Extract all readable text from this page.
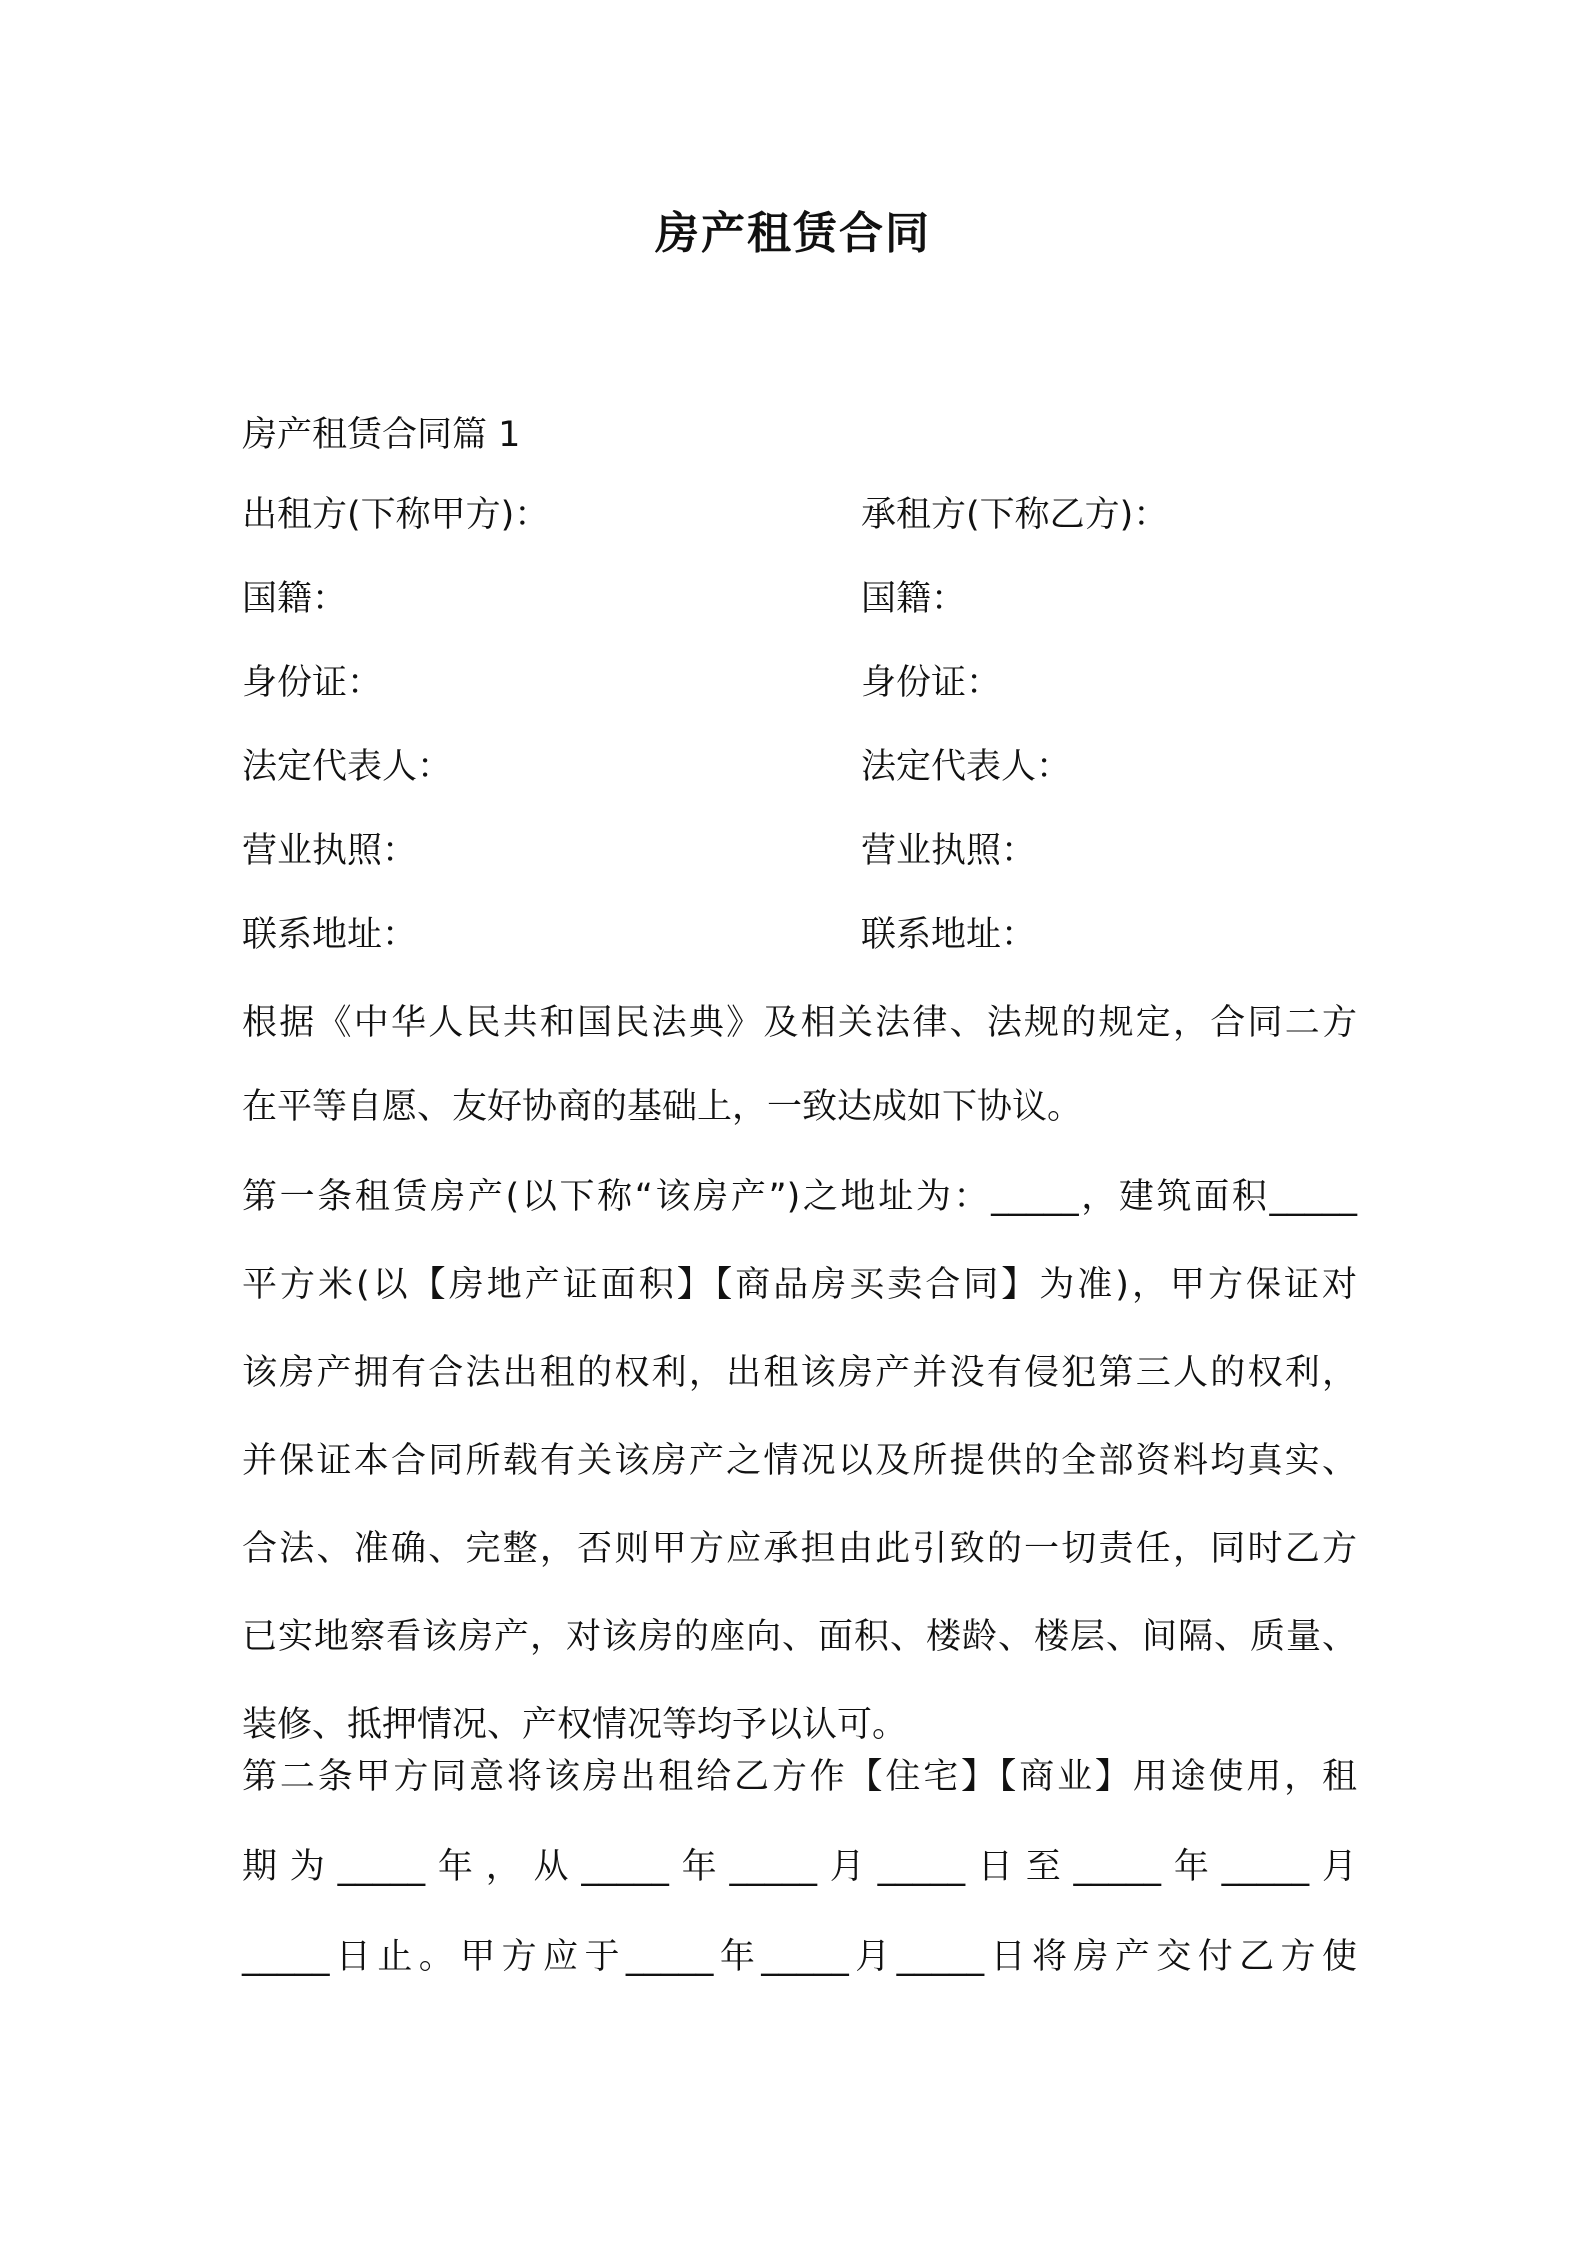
房产租赁合同
房产租赁合同篇 1
出租方(下称甲方)：	承租方(下称乙方)：
国籍：	国籍：
身份证：	身份证：
法定代表人：	法定代表人：
营业执照：	营业执照：
联系地址：	联系地址：
根据《中华人民共和国民法典》及相关法律、法规的规定，合同二方
在平等自愿、友好协商的基础上，一致达成如下协议。
第一条租赁房产(以下称“该房产”)之地址为：_____，建筑面积_____
平方米(以【房地产证面积】【商品房买卖合同】为准)，甲方保证对
该房产拥有合法出租的权利，出租该房产并没有侵犯第三人的权利，
并保证本合同所载有关该房产之情况以及所提供的全部资料均真实、
合法、准确、完整，否则甲方应承担由此引致的一切责任，同时乙方
已实地察看该房产，对该房的座向、面积、楼龄、楼层、间隔、质量、
装修、抵押情况、产权情况等均予以认可。
第二条甲方同意将该房出租给乙方作【住宅】【商业】用途使用，租
期为_____年，从_____年_____月_____日至_____年_____月
_____日止。甲方应于_____年_____月_____日将房产交付乙方使
